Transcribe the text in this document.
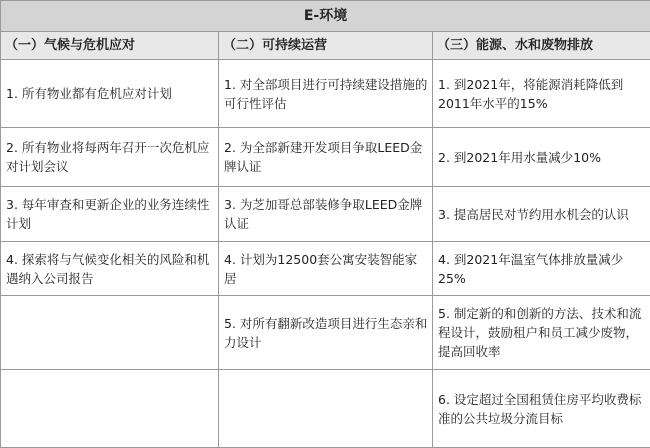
E-环境		
（一）气候与危机应对	（二）可持续运营	（三）能源、水和废物排放
1. 所有物业都有危机应对计划	1. 对全部项目进行可持续建设措施的可行性评估	1. 到2021年，将能源消耗降低到2011年水平的15%
2. 所有物业将每两年召开一次危机应对计划会议	2. 为全部新建开发项目争取LEED金牌认证	2. 到2021年用水量减少10%
3. 每年审查和更新企业的业务连续性计划	3. 为芝加哥总部装修争取LEED金牌认证	3. 提高居民对节约用水机会的认识
4. 探索将与气候变化相关的风险和机遇纳入公司报告	4. 计划为12500套公寓安装智能家居	4. 到2021年温室气体排放量减少25%
	5. 对所有翻新改造项目进行生态亲和力设计	5. 制定新的和创新的方法、技术和流程设计，鼓励租户和员工减少废物，提高回收率
		6. 设定超过全国租赁住房平均收费标准的公共垃圾分流目标
